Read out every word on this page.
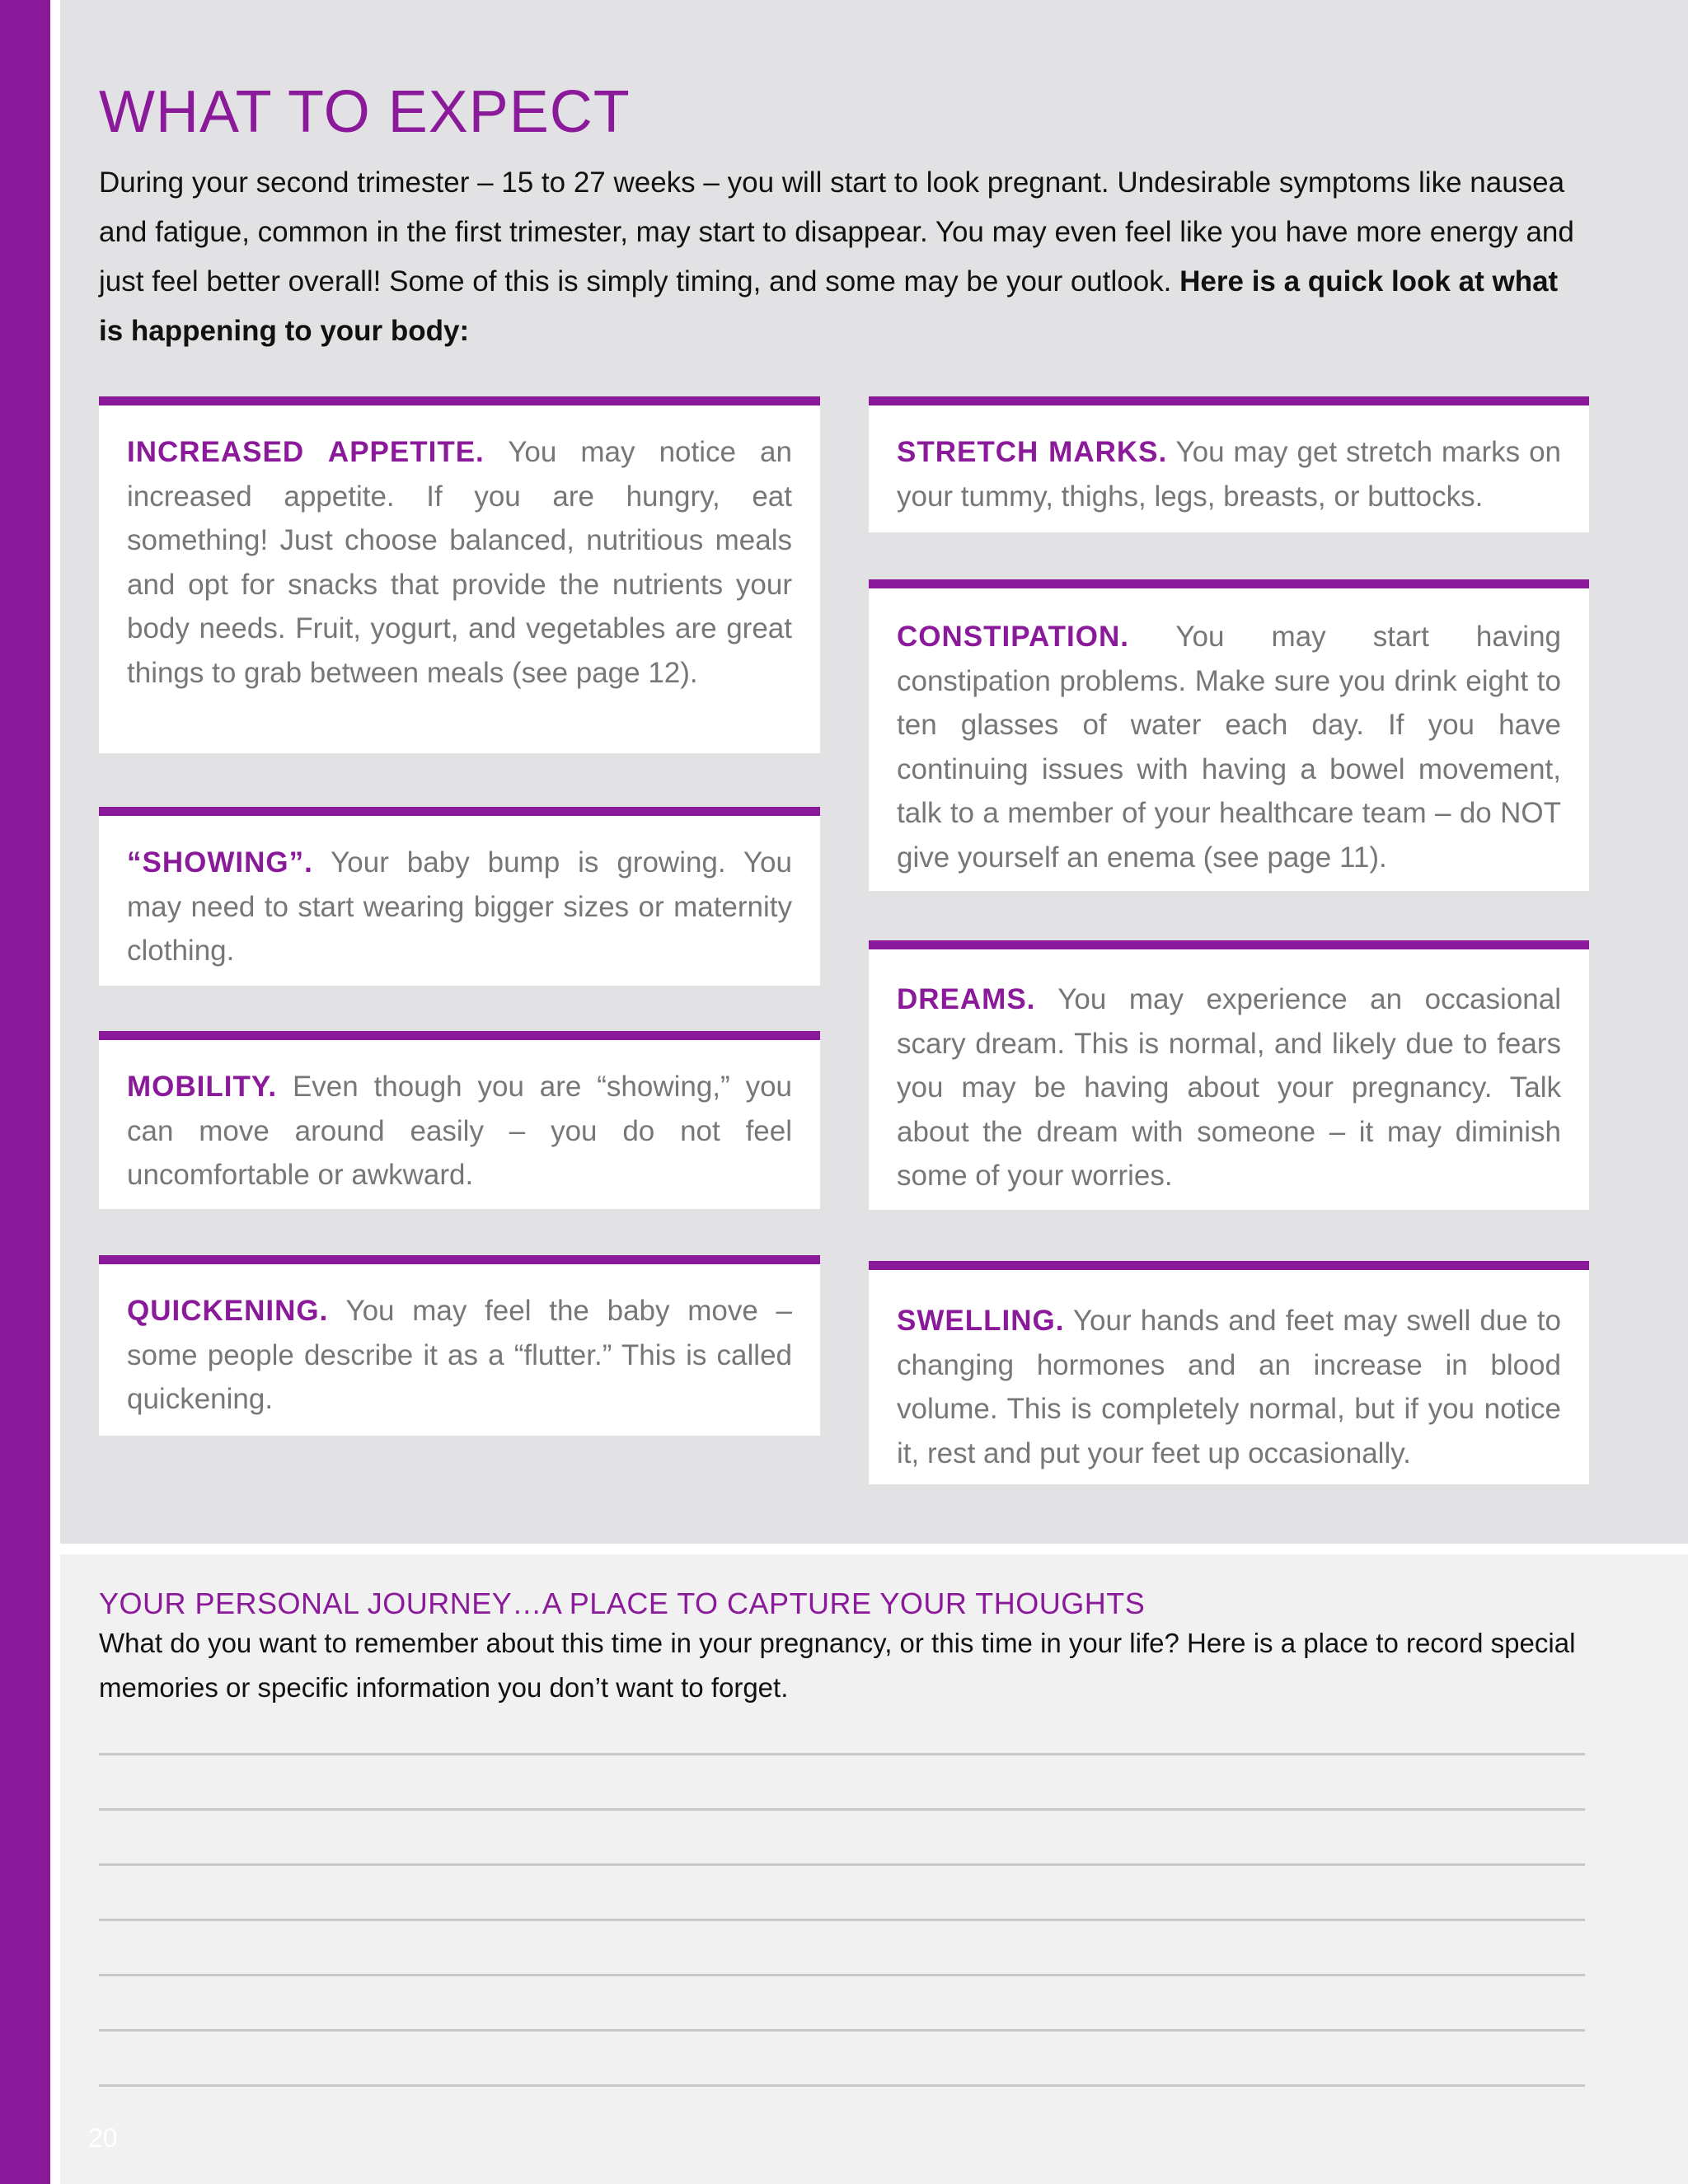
WHAT TO EXPECT

During your second trimester – 15 to 27 weeks – you will start to look pregnant. Undesirable symptoms like nausea and fatigue, common in the first trimester, may start to disappear. You may even feel like you have more energy and just feel better overall! Some of this is simply timing, and some may be your outlook. Here is a quick look at what is happening to your body:

INCREASED APPETITE. You may notice an increased appetite. If you are hungry, eat something! Just choose balanced, nutritious meals and opt for snacks that provide the nutrients your body needs. Fruit, yogurt, and vegetables are great things to grab between meals (see page 12).
“SHOWING”. Your baby bump is growing. You may need to start wearing bigger sizes or maternity clothing.
MOBILITY. Even though you are “showing,” you can move around easily – you do not feel uncomfortable or awkward.
QUICKENING. You may feel the baby move – some people describe it as a “flutter.” This is called quickening.
STRETCH MARKS. You may get stretch marks on your tummy, thighs, legs, breasts, or buttocks.
CONSTIPATION. You may start having constipation problems. Make sure you drink eight to ten glasses of water each day. If you have continuing issues with having a bowel movement, talk to a member of your healthcare team – do NOT give yourself an enema (see page 11).
DREAMS. You may experience an occasional scary dream. This is normal, and likely due to fears you may be having about your pregnancy. Talk about the dream with someone – it may diminish some of your worries.
SWELLING. Your hands and feet may swell due to changing hormones and an increase in blood volume. This is completely normal, but if you notice it, rest and put your feet up occasionally.
YOUR PERSONAL JOURNEY…A PLACE TO CAPTURE YOUR THOUGHTS

What do you want to remember about this time in your pregnancy, or this time in your life? Here is a place to record special memories or specific information you don’t want to forget.

20
